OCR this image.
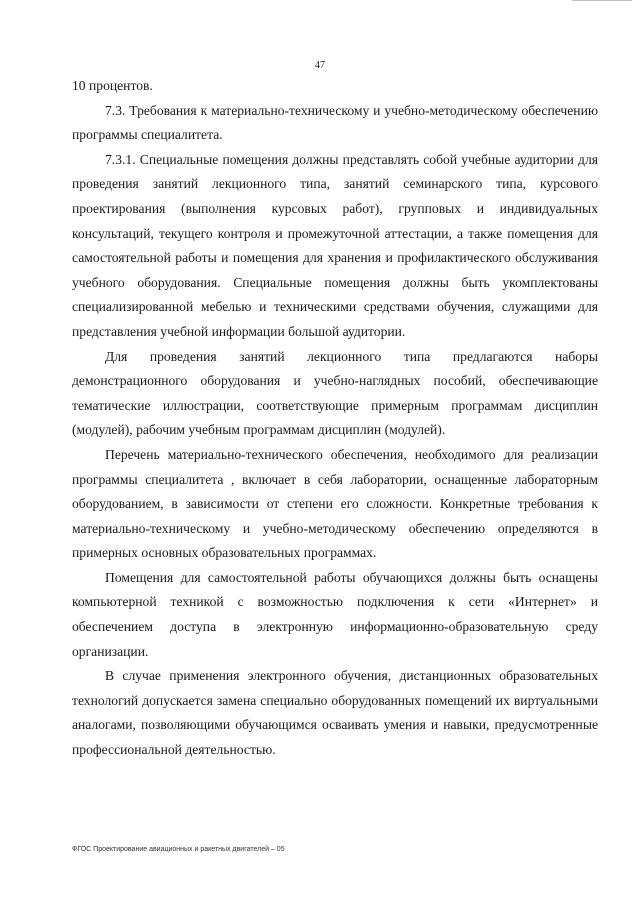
47

10 процентов.

7.3. Требования к материально-техническому и учебно-методическому обеспечению программы специалитета.

7.3.1. Специальные помещения должны представлять собой учебные аудитории для проведения занятий лекционного типа, занятий семинарского типа, курсового проектирования (выполнения курсовых работ), групповых и индивидуальных консультаций, текущего контроля и промежуточной аттестации, а также помещения для самостоятельной работы и помещения для хранения и профилактического обслуживания учебного оборудования. Специальные помещения должны быть укомплектованы специализированной мебелью и техническими средствами обучения, служащими для представления учебной информации большой аудитории.

Для проведения занятий лекционного типа предлагаются наборы демонстрационного оборудования и учебно-наглядных пособий, обеспечивающие тематические иллюстрации, соответствующие примерным программам дисциплин (модулей), рабочим учебным программам дисциплин (модулей).

Перечень материально-технического обеспечения, необходимого для реализации программы специалитета , включает в себя лаборатории, оснащенные лабораторным оборудованием, в зависимости от степени его сложности. Конкретные требования к материально-техническому и учебно-методическому обеспечению определяются в примерных основных образовательных программах.

Помещения для самостоятельной работы обучающихся должны быть оснащены компьютерной техникой с возможностью подключения к сети «Интернет» и обеспечением доступа в электронную информационно-образовательную среду организации.

В случае применения электронного обучения, дистанционных образовательных технологий допускается замена специально оборудованных помещений их виртуальными аналогами, позволяющими обучающимся осваивать умения и навыки, предусмотренные профессиональной деятельностью.

ФГОС Проектирование авиационных и ракетных двигателей – 05
